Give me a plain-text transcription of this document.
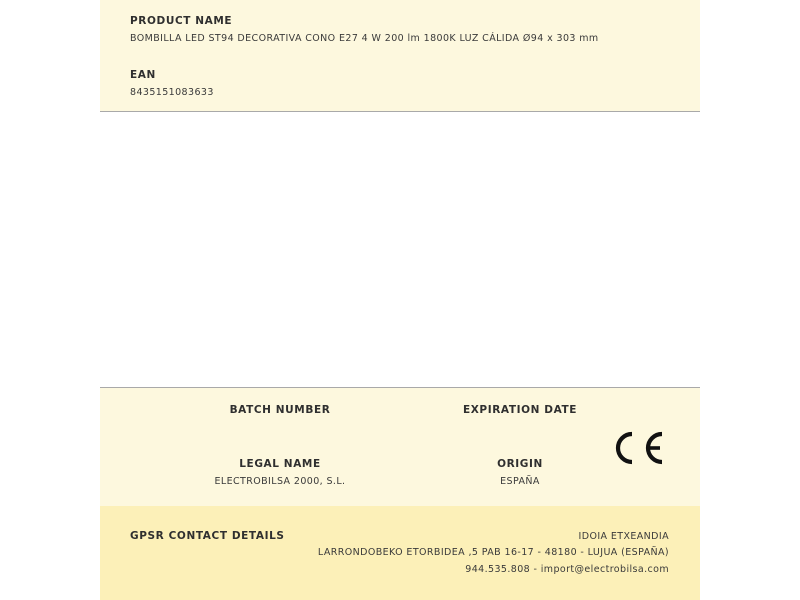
PRODUCT NAME
BOMBILLA LED ST94 DECORATIVA CONO E27 4 W 200 lm 1800K LUZ CÁLIDA Ø94 x 303 mm
EAN
8435151083633
BATCH NUMBER	EXPIRATION DATE
LEGAL NAME
ELECTROBILSA 2000, S.L.
ORIGIN
ESPAÑA
GPSR CONTACT DETAILS	IDOIA ETXEANDIA
LARRONDOBEKO ETORBIDEA ,5 PAB 16-17 - 48180 - LUJUA (ESPAÑA)
944.535.808 - import@electrobilsa.com
